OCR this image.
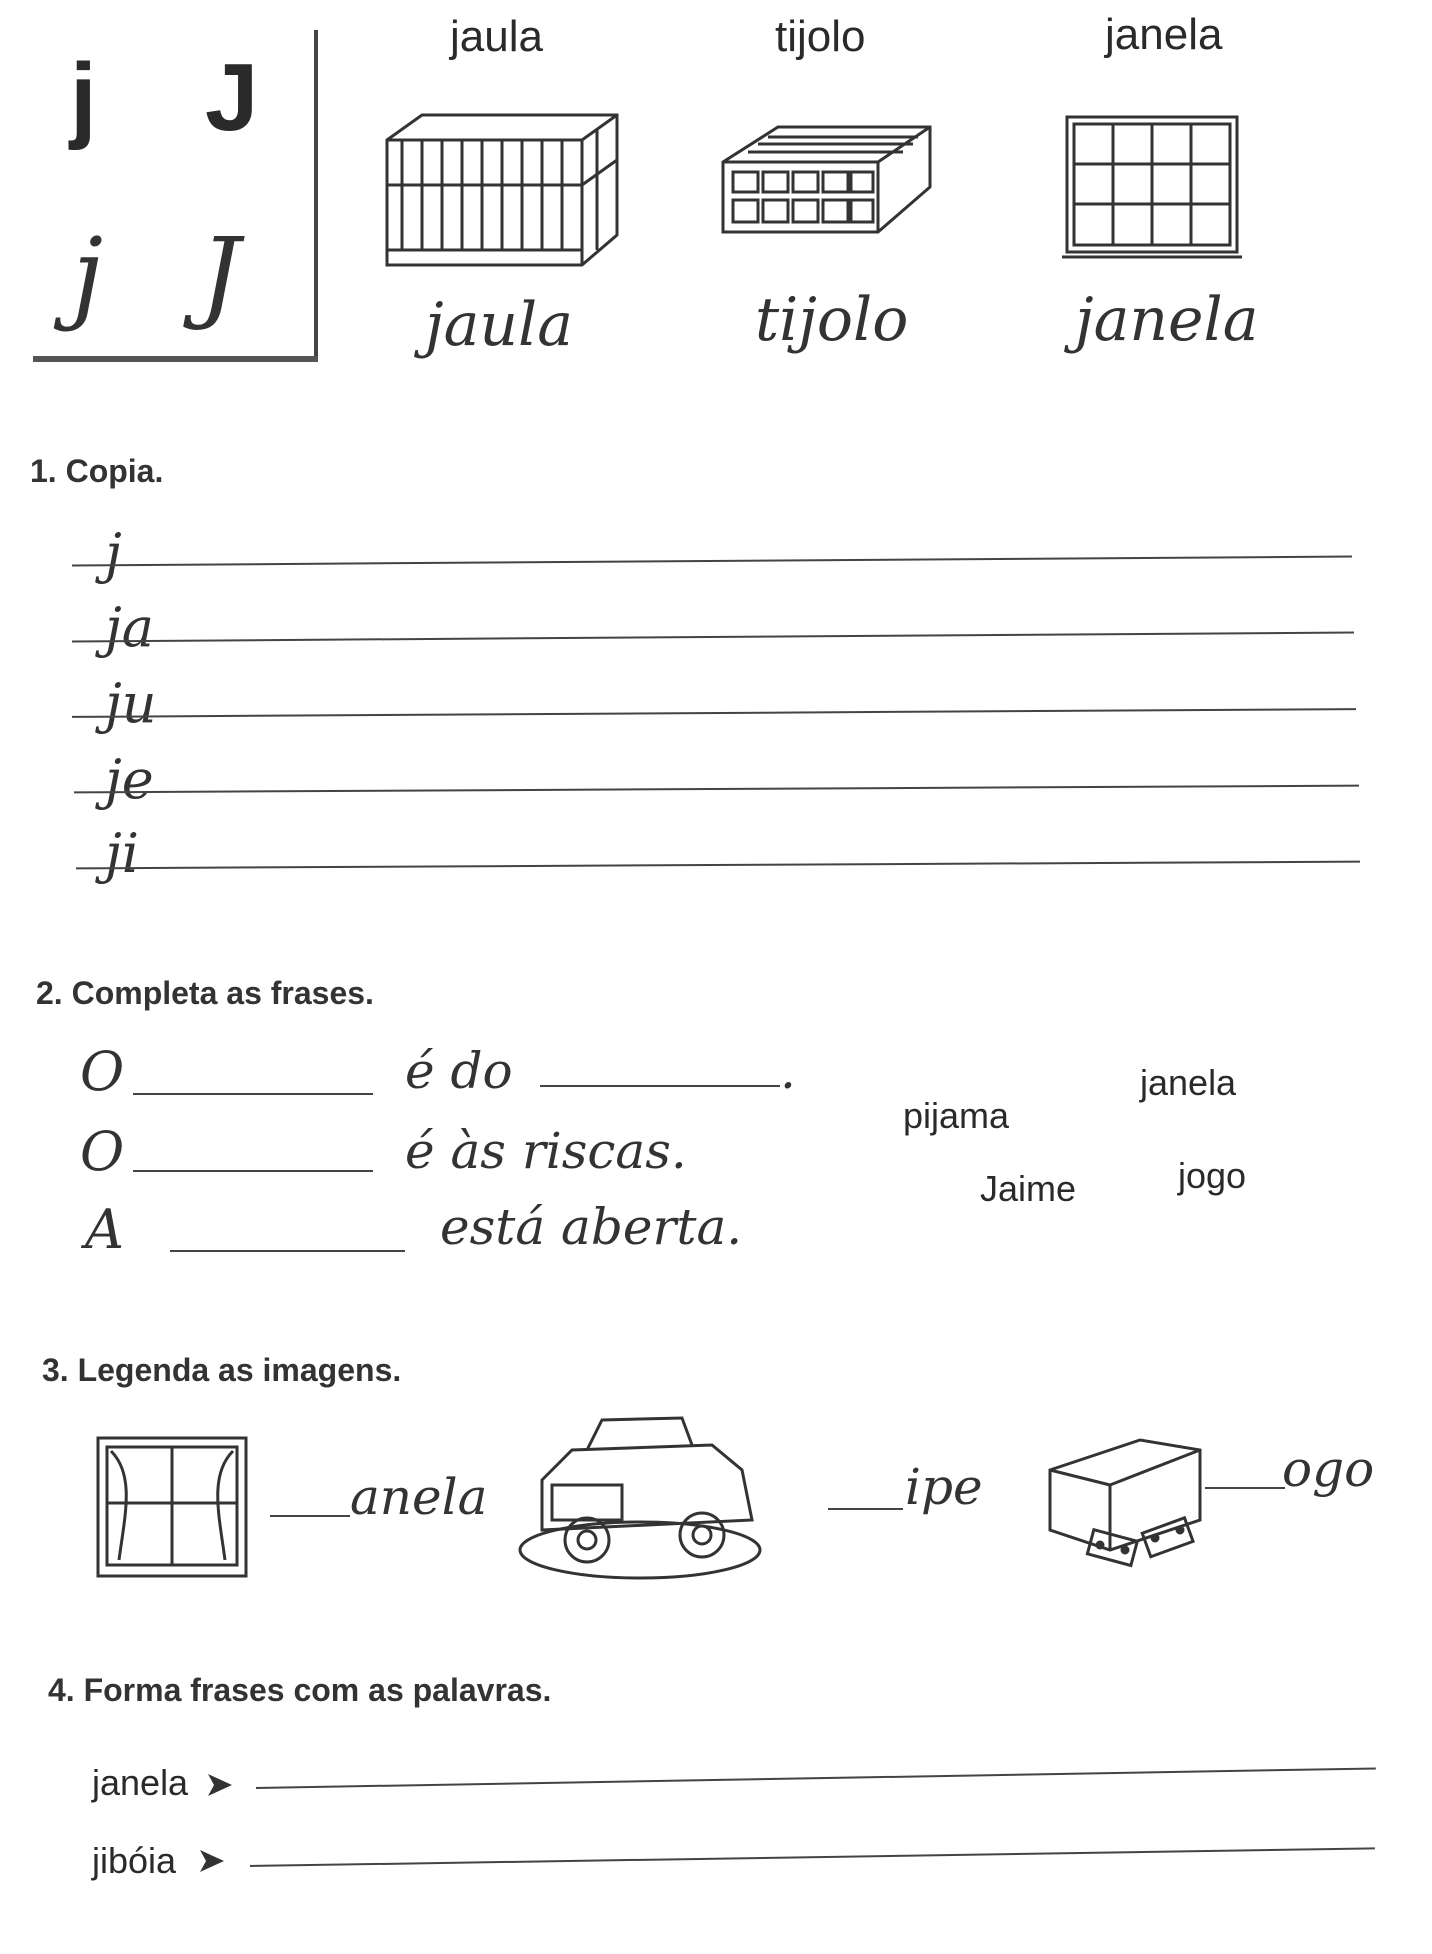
j J
j J
jaula
jaula
tijolo
tijolo
janela
janela
1. Copia.
j
ja
ju
je
ji
2. Completa as frases.
O	é do	.
O	é às riscas.
A	está aberta.
pijama
janela
Jaime	jogo
3. Legenda as imagens.
anela	ipe	ogo
4. Forma frases com as palavras.
janela
jibóia
